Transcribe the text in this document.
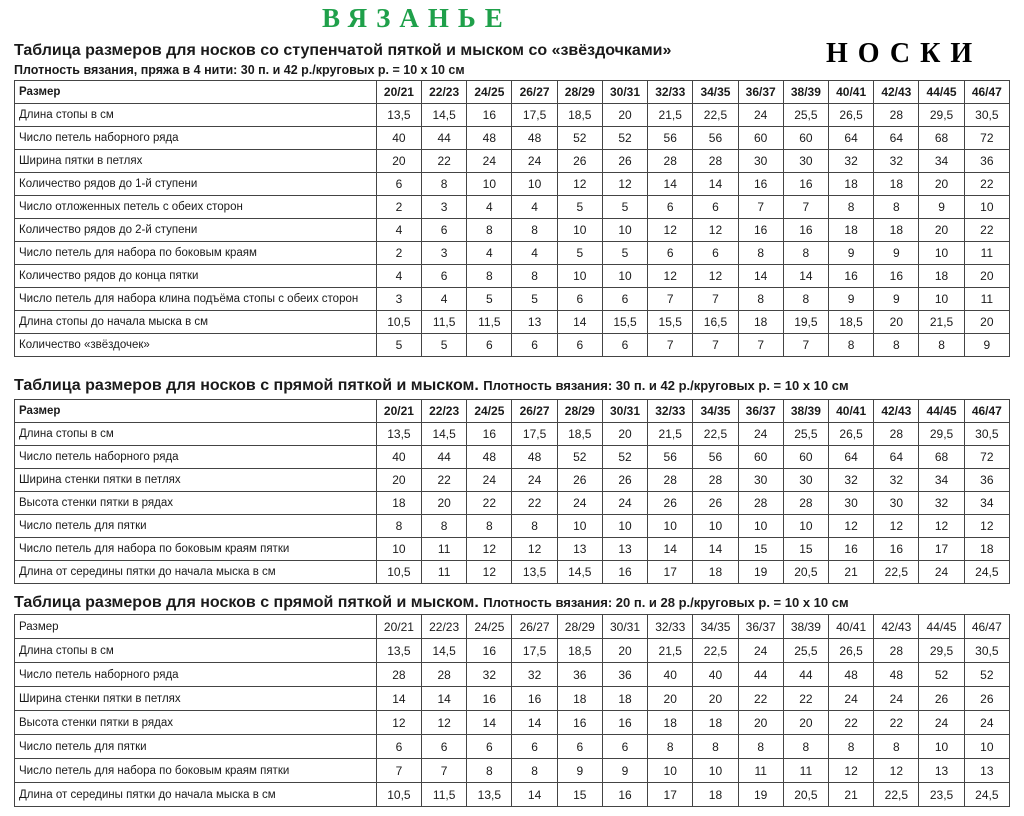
ВЯЗАНЬЕ
НОСКИ
Таблица размеров для носков со ступенчатой пяткой и мыском со «звёздочками»
Плотность вязания, пряжа в 4 нити: 30 п. и 42 р./круговых р. = 10 x 10 см
Размер	20/21	22/23	24/25	26/27	28/29	30/31	32/33	34/35	36/37	38/39	40/41	42/43	44/45	46/47
Длина стопы в см	13,5	14,5	16	17,5	18,5	20	21,5	22,5	24	25,5	26,5	28	29,5	30,5
Число петель наборного ряда	40	44	48	48	52	52	56	56	60	60	64	64	68	72
Ширина пятки в петлях	20	22	24	24	26	26	28	28	30	30	32	32	34	36
Количество рядов до 1-й ступени	6	8	10	10	12	12	14	14	16	16	18	18	20	22
Число отложенных петель с обеих сторон	2	3	4	4	5	5	6	6	7	7	8	8	9	10
Количество рядов до 2-й ступени	4	6	8	8	10	10	12	12	16	16	18	18	20	22
Число петель для набора по боковым краям	2	3	4	4	5	5	6	6	8	8	9	9	10	11
Количество рядов до конца пятки	4	6	8	8	10	10	12	12	14	14	16	16	18	20
Число петель для набора клина подъёма стопы с обеих сторон	3	4	5	5	6	6	7	7	8	8	9	9	10	11
Длина стопы до начала мыска в см	10,5	11,5	11,5	13	14	15,5	15,5	16,5	18	19,5	18,5	20	21,5	20
Количество «звёздочек»	5	5	6	6	6	6	7	7	7	7	8	8	8	9
Таблица размеров для носков с прямой пяткой и мыском. Плотность вязания: 30 п. и 42 р./круговых р. = 10 x 10 см
Размер	20/21	22/23	24/25	26/27	28/29	30/31	32/33	34/35	36/37	38/39	40/41	42/43	44/45	46/47
Длина стопы в см	13,5	14,5	16	17,5	18,5	20	21,5	22,5	24	25,5	26,5	28	29,5	30,5
Число петель наборного ряда	40	44	48	48	52	52	56	56	60	60	64	64	68	72
Ширина стенки пятки в петлях	20	22	24	24	26	26	28	28	30	30	32	32	34	36
Высота стенки пятки в рядах	18	20	22	22	24	24	26	26	28	28	30	30	32	34
Число петель для пятки	8	8	8	8	10	10	10	10	10	10	12	12	12	12
Число петель для набора по боковым краям пятки	10	11	12	12	13	13	14	14	15	15	16	16	17	18
Длина от середины пятки до начала мыска в см	10,5	11	12	13,5	14,5	16	17	18	19	20,5	21	22,5	24	24,5
Таблица размеров для носков с прямой пяткой и мыском. Плотность вязания: 20 п. и 28 р./круговых р. = 10 x 10 см
Размер	20/21	22/23	24/25	26/27	28/29	30/31	32/33	34/35	36/37	38/39	40/41	42/43	44/45	46/47
Длина стопы в см	13,5	14,5	16	17,5	18,5	20	21,5	22,5	24	25,5	26,5	28	29,5	30,5
Число петель наборного ряда	28	28	32	32	36	36	40	40	44	44	48	48	52	52
Ширина стенки пятки в петлях	14	14	16	16	18	18	20	20	22	22	24	24	26	26
Высота стенки пятки в рядах	12	12	14	14	16	16	18	18	20	20	22	22	24	24
Число петель для пятки	6	6	6	6	6	6	8	8	8	8	8	8	10	10
Число петель для набора по боковым краям пятки	7	7	8	8	9	9	10	10	11	11	12	12	13	13
Длина от середины пятки до начала мыска в см	10,5	11,5	13,5	14	15	16	17	18	19	20,5	21	22,5	23,5	24,5
